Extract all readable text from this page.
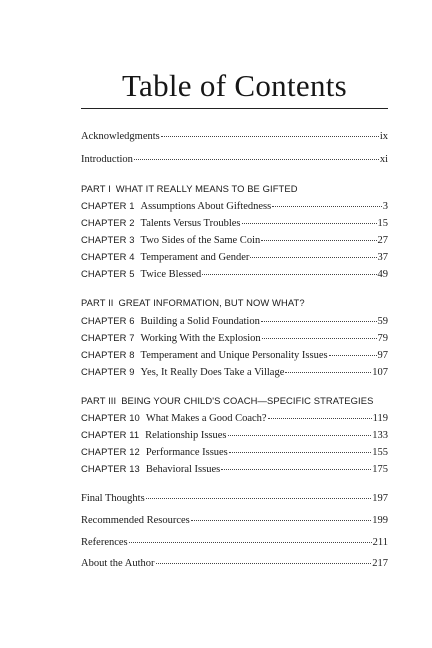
Table of Contents
Acknowledgments	ix
Introduction	xi
PART I WHAT IT REALLY MEANS TO BE GIFTED
CHAPTER 1 Assumptions About Giftedness	3
CHAPTER 2 Talents Versus Troubles	15
CHAPTER 3 Two Sides of the Same Coin	27
CHAPTER 4 Temperament and Gender	37
CHAPTER 5 Twice Blessed	49
PART II GREAT INFORMATION, BUT NOW WHAT?
CHAPTER 6 Building a Solid Foundation	59
CHAPTER 7 Working With the Explosion	79
CHAPTER 8 Temperament and Unique Personality Issues	97
CHAPTER 9 Yes, It Really Does Take a Village	107
PART III BEING YOUR CHILD'S COACH—SPECIFIC STRATEGIES
CHAPTER 10 What Makes a Good Coach?	119
CHAPTER 11 Relationship Issues	133
CHAPTER 12 Performance Issues	155
CHAPTER 13 Behavioral Issues	175
Final Thoughts	197
Recommended Resources	199
References	211
About the Author	217
